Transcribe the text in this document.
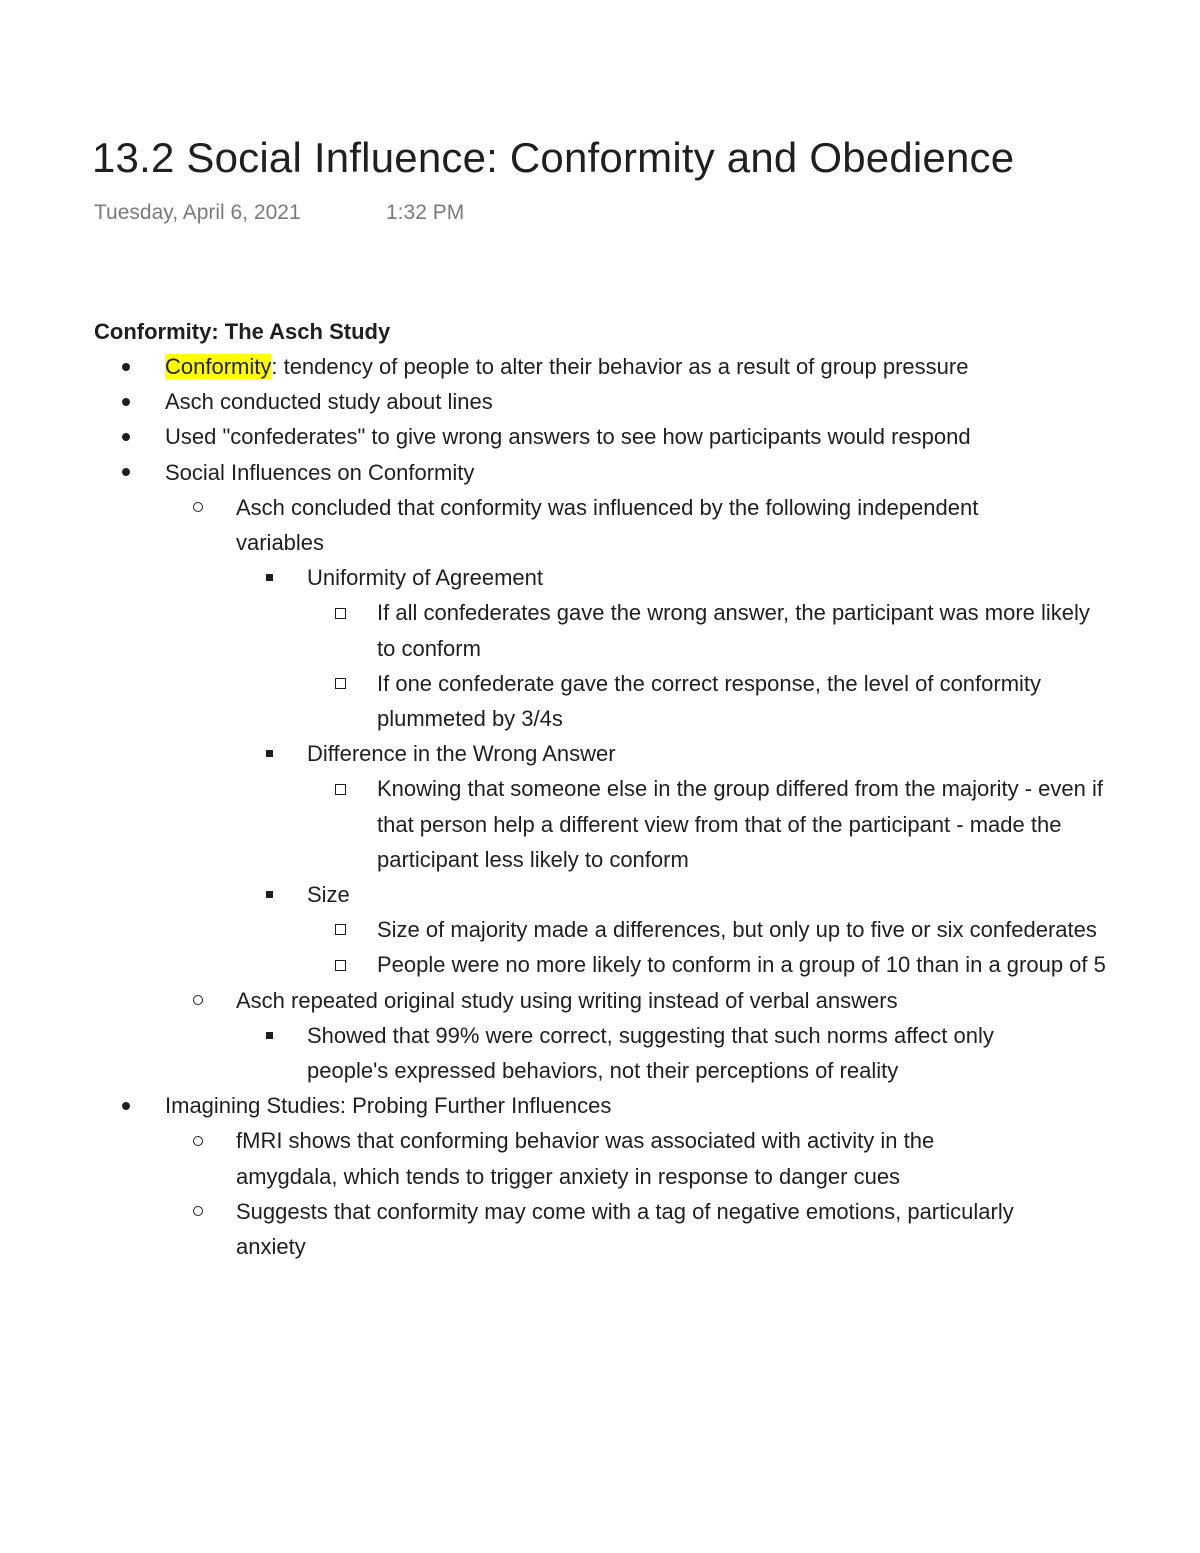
13.2 Social Influence: Conformity and Obedience
Tuesday, April 6, 2021	1:32 PM
Conformity: The Asch Study
Conformity: tendency of people to alter their behavior as a result of group pressure
Asch conducted study about lines
Used "confederates" to give wrong answers to see how participants would respond
Social Influences on Conformity
Asch concluded that conformity was influenced by the following independent variables
Uniformity of Agreement
If all confederates gave the wrong answer, the participant was more likely to conform
If one confederate gave the correct response, the level of conformity plummeted by 3/4s
Difference in the Wrong Answer
Knowing that someone else in the group differed from the majority - even if that person help a different view from that of the participant - made the participant less likely to conform
Size
Size of majority made a differences, but only up to five or six confederates
People were no more likely to conform in a group of 10 than in a group of 5
Asch repeated original study using writing instead of verbal answers
Showed that 99% were correct, suggesting that such norms affect only people's expressed behaviors, not their perceptions of reality
Imagining Studies: Probing Further Influences
fMRI shows that conforming behavior was associated with activity in the amygdala, which tends to trigger anxiety in response to danger cues
Suggests that conformity may come with a tag of negative emotions, particularly anxiety
